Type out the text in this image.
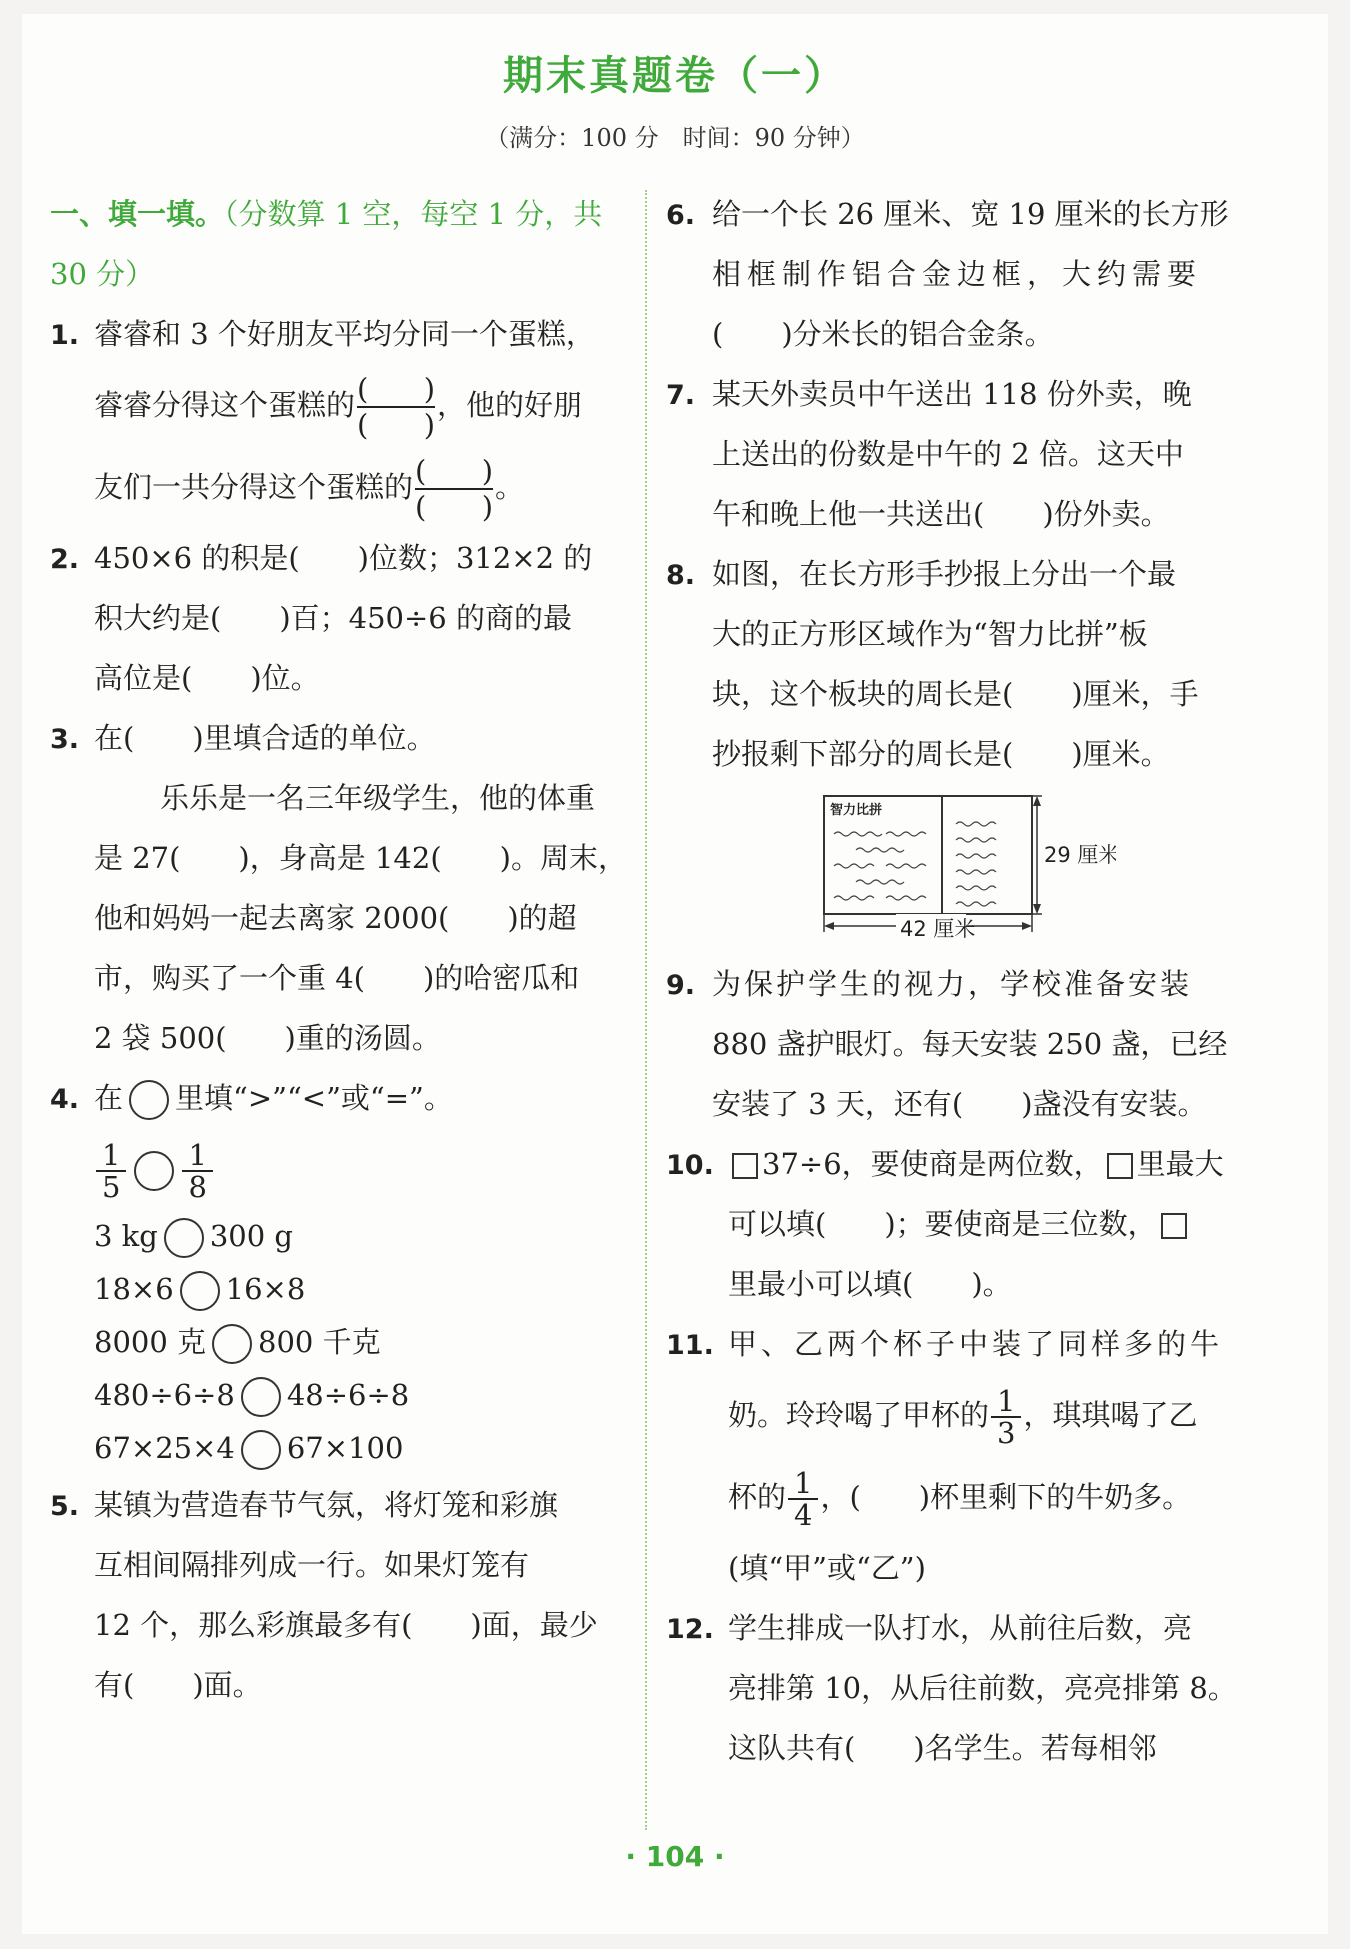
期末真题卷（一）
（满分：100 分　时间：90 分钟）
一、填一填。（分数算 1 空，每空 1 分，共
30 分）
1. 睿睿和 3 个好朋友平均分同一个蛋糕，
睿睿分得这个蛋糕的 ( )
( )
，他的好朋
友们一共分得这个蛋糕的 ( )
( )
。
2. 450×6 的积是(　　)位数；312×2 的
积大约是(　　)百；450÷6 的商的最
高位是(　　)位。
3. 在(　　)里填合适的单位。
乐乐是一名三年级学生，他的体重
是 27(　　)，身高是 142(　　)。周末，
他和妈妈一起去离家 2000(　　)的超
市，购买了一个重 4(　　)的哈密瓜和
2 袋 500(　　)重的汤圆。
4. 在 里填“>”“<”或“=”。
$\frac{1}{5} \frac{1}{8}$
3 kg 300 g
18×6 16×8
8000 克 800 千克
480÷6÷8 48÷6÷8
67×25×4 67×100
5. 某镇为营造春节气氛，将灯笼和彩旗
互相间隔排列成一行。如果灯笼有
12 个，那么彩旗最多有(　　)面，最少
有(　　)面。
6. 给一个长 26 厘米、宽 19 厘米的长方形
相框制作铝合金边框，大约需要
(　　)分米长的铝合金条。
7. 某天外卖员中午送出 118 份外卖，晚
上送出的份数是中午的 2 倍。这天中
午和晚上他一共送出(　　)份外卖。
8. 如图，在长方形手抄报上分出一个最
大的正方形区域作为“智力比拼”板
块，这个板块的周长是(　　)厘米，手
抄报剩下部分的周长是(　　)厘米。
智力比拼
29 厘米
42 厘米
9. 为保护学生的视力，学校准备安装
880 盏护眼灯。每天安装 250 盏，已经
安装了 3 天，还有(　　)盏没有安装。
10. 37÷6，要使商是两位数， 里最大
可以填(　　)；要使商是三位数，
里最小可以填(　　)。
11. 甲、乙两个杯子中装了同样多的牛
奶。玲玲喝了甲杯的 $\frac{1}{3}$ ，琪琪喝了乙
杯的 $\frac{1}{4}$ ，(　　)杯里剩下的牛奶多。
(填“甲”或“乙”)
12. 学生排成一队打水，从前往后数，亮
亮排第 10，从后往前数，亮亮排第 8。
这队共有(　　)名学生。若每相邻
· 104 ·
